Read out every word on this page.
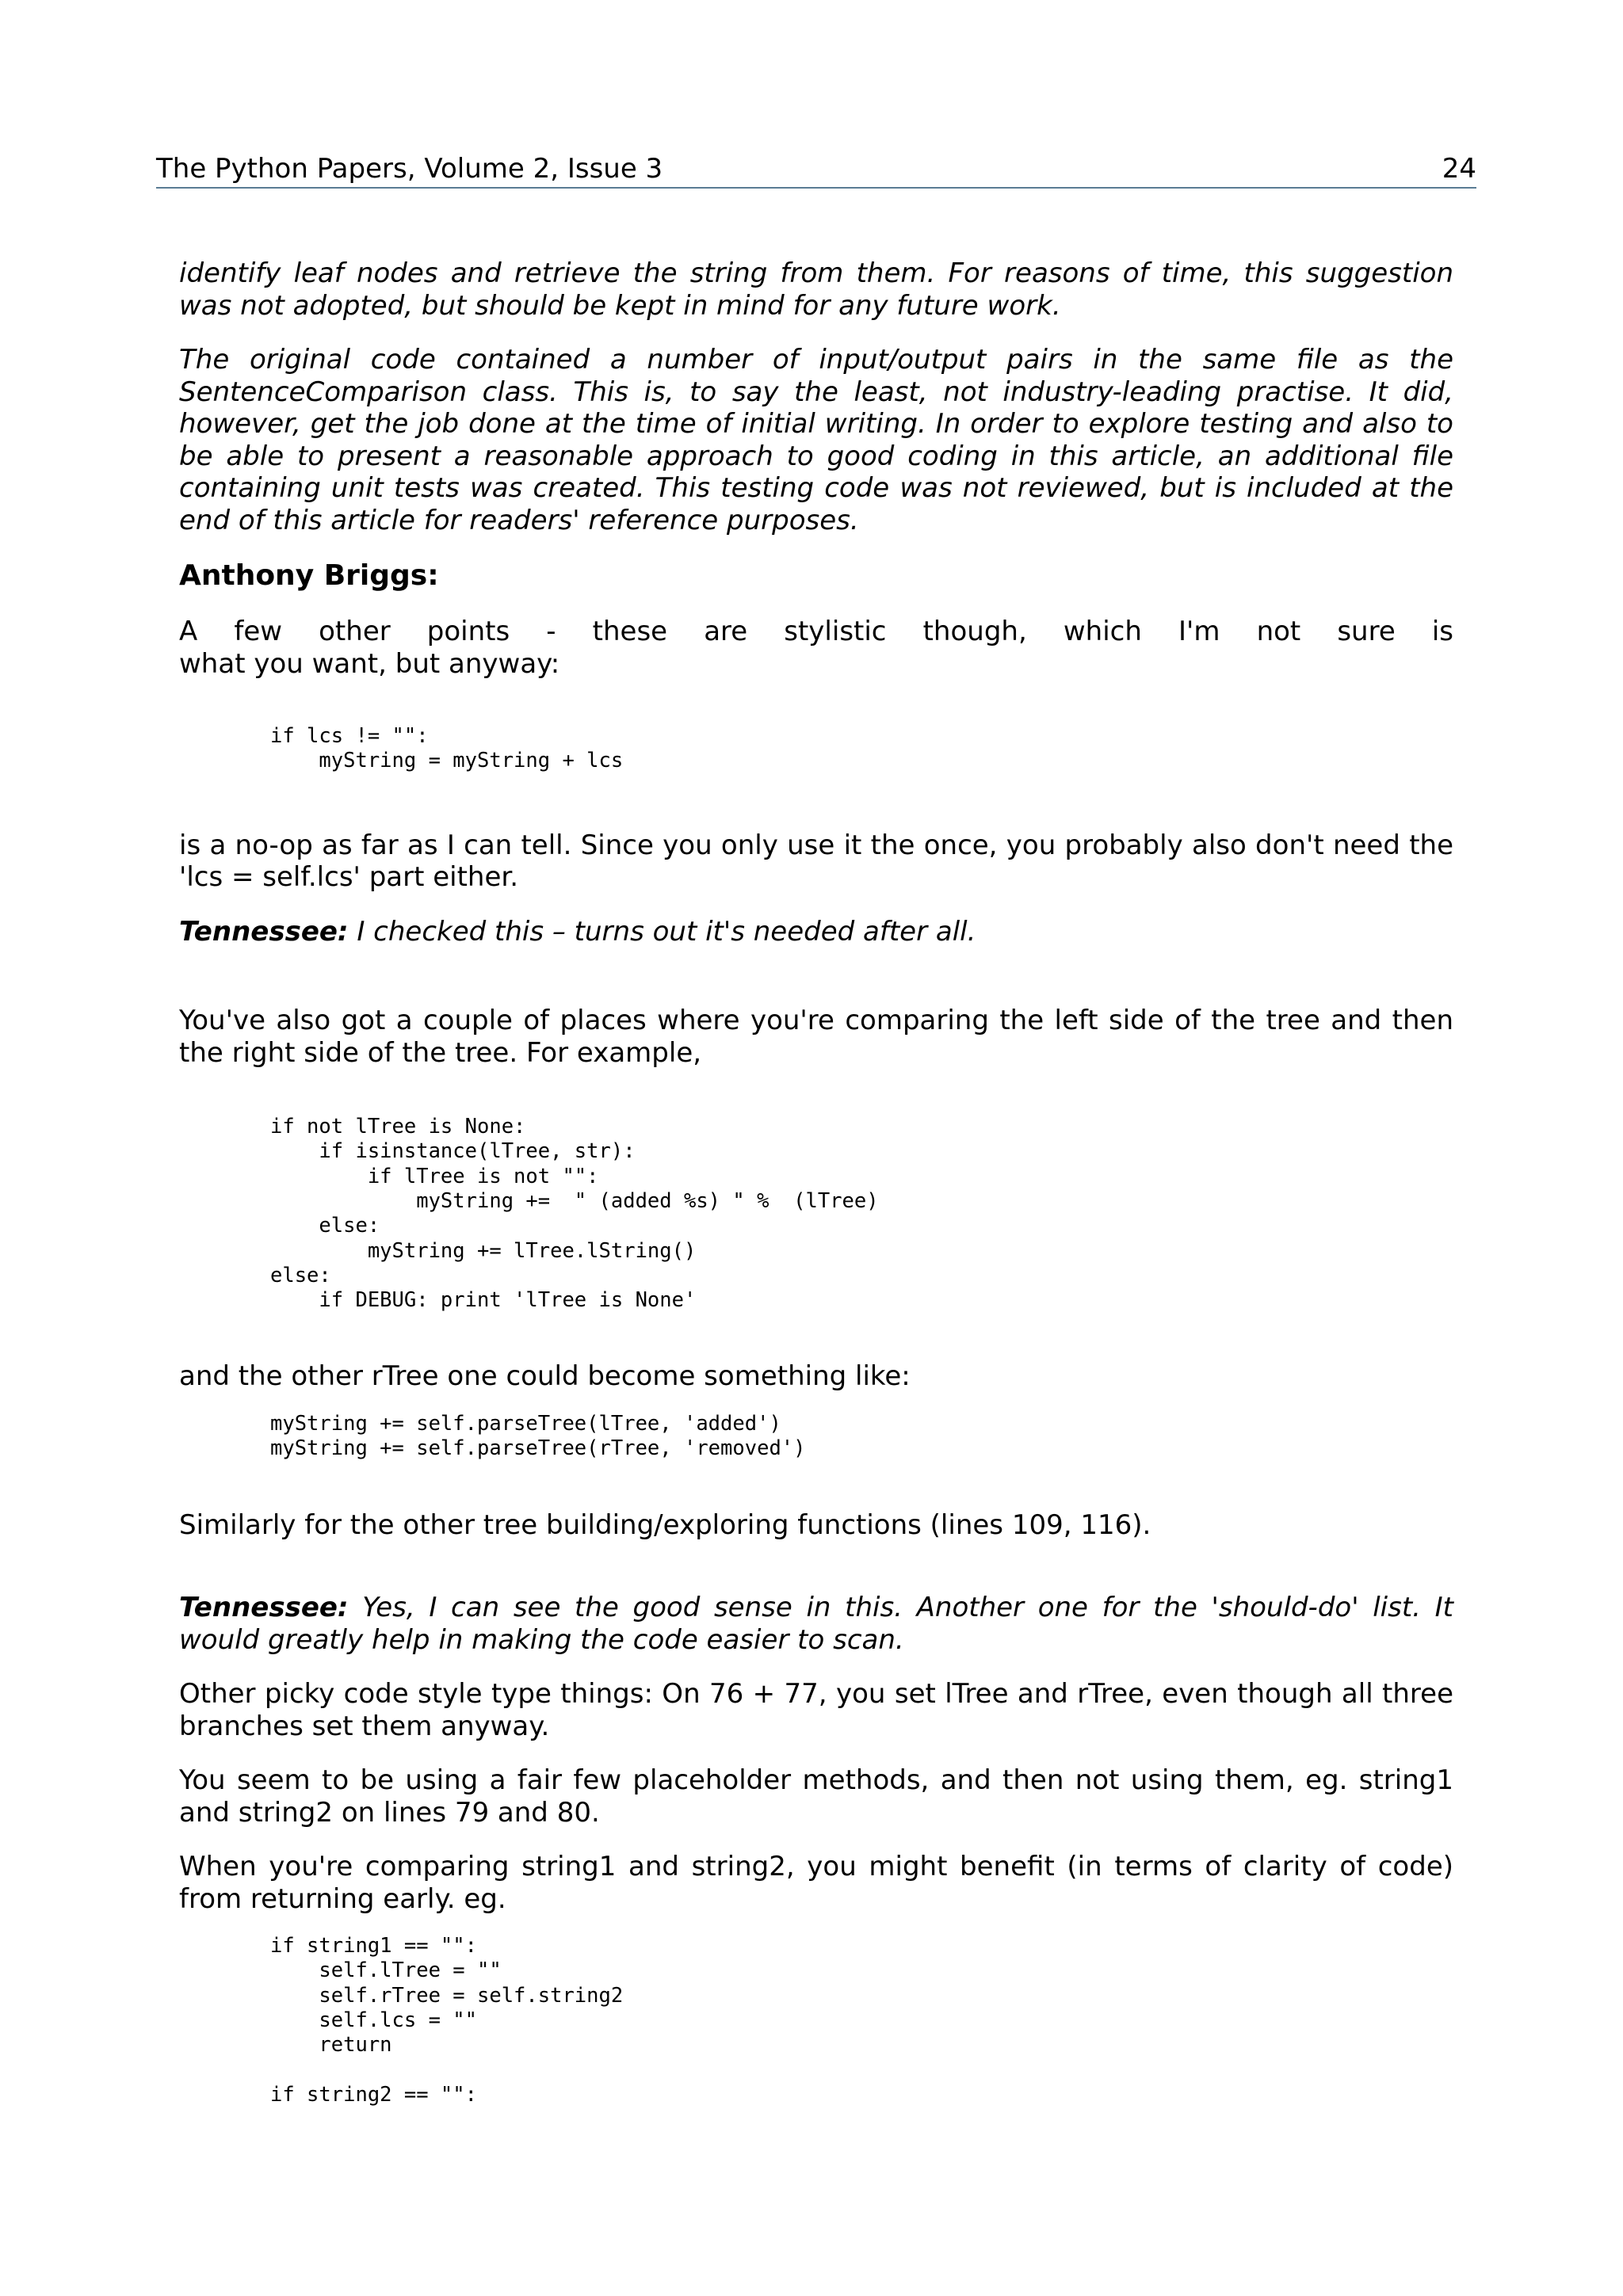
The Python Papers, Volume 2, Issue 3	24

identify leaf nodes and retrieve the string from them. For reasons of time, this suggestion was not adopted, but should be kept in mind for any future work.

The original code contained a number of input/output pairs in the same file as the SentenceComparison class. This is, to say the least, not industry-leading practise. It did, however, get the job done at the time of initial writing. In order to explore testing and also to be able to present a reasonable approach to good coding in this article, an additional file containing unit tests was created. This testing code was not reviewed, but is included at the end of this article for readers' reference purposes.

Anthony Briggs:

A few other points - these are stylistic though, which I'm not sure is

what you want, but anyway:

if lcs != "":
myString = myString + lcs

is a no-op as far as I can tell. Since you only use it the once, you probably also don't need the 'lcs = self.lcs' part either.

Tennessee: I checked this – turns out it's needed after all.

You've also got a couple of places where you're comparing the left side of the tree and then the right side of the tree. For example,

if not lTree is None:
if isinstance(lTree, str):
if lTree is not "":
myString +=  " (added %s) " %  (lTree)
else:
myString += lTree.lString()
else:
if DEBUG: print 'lTree is None'

and the other rTree one could become something like:

myString += self.parseTree(lTree, 'added')
myString += self.parseTree(rTree, 'removed')

Similarly for the other tree building/exploring functions (lines 109, 116).

Tennessee: Yes, I can see the good sense in this. Another one for the 'should-do' list. It would greatly help in making the code easier to scan.

Other picky code style type things: On 76 + 77, you set lTree and rTree, even though all three branches set them anyway.

You seem to be using a fair few placeholder methods, and then not using them, eg. string1 and string2 on lines 79 and 80.

When you're comparing string1 and string2, you might benefit (in terms of clarity of code) from returning early. eg.

if string1 == "":
self.lTree = ""
self.rTree = self.string2
self.lcs = ""
return

if string2 == "":
